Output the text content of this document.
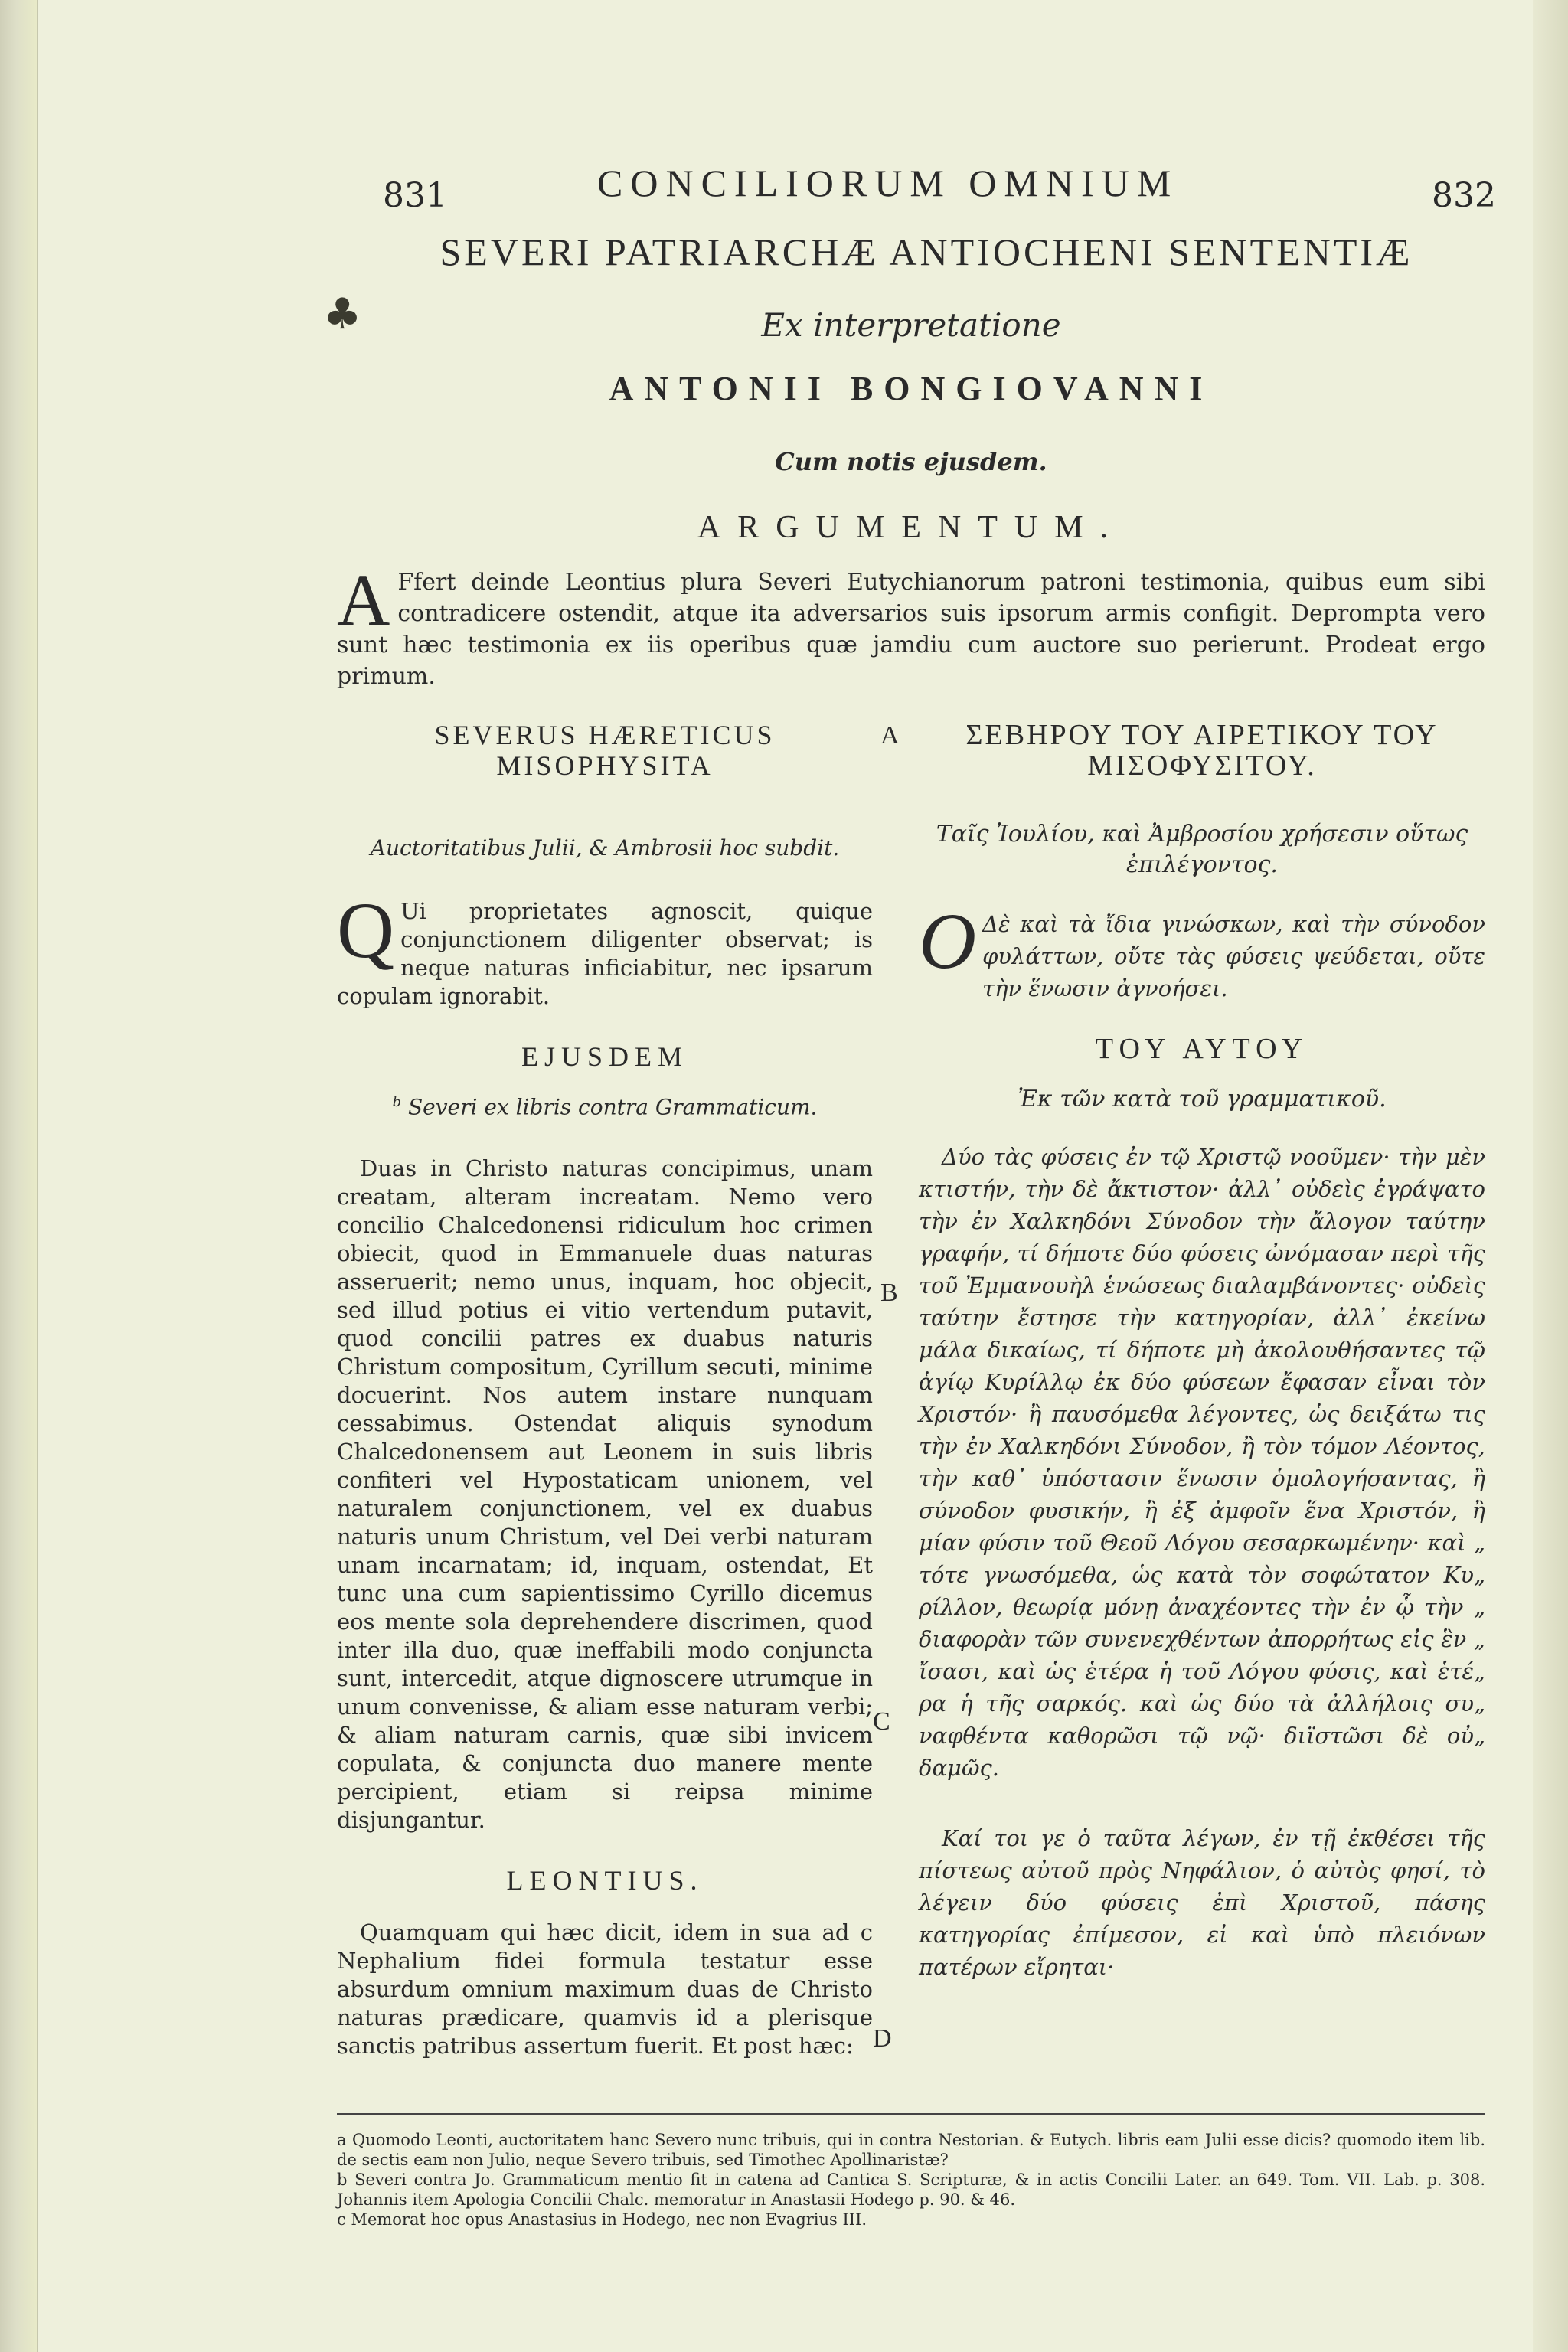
831	CONCILIORUM OMNIUM	832
SEVERI PATRIARCHÆ ANTIOCHENI SENTENTIÆ
♣	Ex interpretatione
ANTONII BONGIOVANNI
Cum notis ejusdem.
ARGUMENTUM.
A Ffert deinde Leontius plura Severi Eutychianorum patroni testimonia, quibus eum sibi contradicere ostendit, atque ita adversarios suis ipsorum armis configit. Deprompta vero sunt hæc testimonia ex iis operibus quæ jamdiu cum auctore suo perierunt. Prodeat ergo primum.
A
B
C
D
SEVERUS HÆRETICUS MISOPHYSITA
Auctoritatibus Julii, & Ambrosii hoc subdit.
Q Ui proprietates agnoscit, quique conjunctionem diligenter observat; is neque naturas inficiabitur, nec ipsarum copulam ignorabit.
EJUSDEM
$^b$ Severi ex libris contra Grammaticum.
Duas in Christo naturas concipimus, unam creatam, alteram increatam. Nemo vero concilio Chalcedonensi ridiculum hoc crimen obiecit, quod in Emmanuele duas naturas asseruerit; nemo unus, inquam, hoc objecit, sed illud potius ei vitio vertendum putavit, quod concilii patres ex duabus naturis Christum compositum, Cyrillum secuti, minime docuerint. Nos autem instare nunquam cessabimus. Ostendat aliquis synodum Chalcedonensem aut Leonem in suis libris confiteri vel Hypostaticam unionem, vel naturalem conjunctionem, vel ex duabus naturis unum Christum, vel Dei verbi naturam unam incarnatam; id, inquam, ostendat, Et tunc una cum sapientissimo Cyrillo dicemus eos mente sola deprehendere discrimen, quod inter illa duo, quæ ineffabili modo conjuncta sunt, intercedit, atque dignoscere utrumque in unum convenisse, & aliam esse naturam verbi; & aliam naturam carnis, quæ sibi invicem copulata, & conjuncta duo manere mente percipient, etiam si reipsa minime disjungantur.
LEONTIUS.
Quamquam qui hæc dicit, idem in sua ad c Nephalium fidei formula testatur esse absurdum omnium maximum duas de Christo naturas prædicare, quamvis id a plerisque sanctis patribus assertum fuerit. Et post hæc:
ΣΕΒΗΡΟΥ ΤΟΥ ΑΙΡΕΤΙΚΟΥ ΤΟΥ ΜΙΣΟΦΥΣΙΤΟΥ.
Ταῖς Ἰουλίου, καὶ Ἀμβροσίου χρήσεσιν οὕτως ἐπιλέγοντος.
Ο Δὲ καὶ τὰ ἴδια γινώσκων, καὶ τὴν σύνοδον φυλάττων, οὔτε τὰς φύσεις ψεύδεται, οὔτε τὴν ἕνωσιν ἀγνοήσει.
ΤΟΥ ΑΥΤΟΥ
Ἐκ τῶν κατὰ τοῦ γραμματικοῦ.
Δύο τὰς φύσεις ἐν τῷ Χριστῷ νοοῦμεν· τὴν μὲν κτιστήν, τὴν δὲ ἄκτιστον· ἀλλ᾽ οὐδεὶς ἐγράψατο τὴν ἐν Χαλκηδόνι Σύνοδον τὴν ἄλογον ταύτην γραφήν, τί δήποτε δύο φύσεις ὠνόμασαν περὶ τῆς τοῦ Ἐμμανουὴλ ἑνώσεως διαλαμβάνοντες· οὐδεὶς ταύτην ἔστησε τὴν κατηγορίαν, ἀλλ᾽ ἐκείνω μάλα δικαίως, τί δήποτε μὴ ἀκολουθήσαντες τῷ ἁγίῳ Κυρίλλῳ ἐκ δύο φύσεων ἔφασαν εἶναι τὸν Χριστόν· ἢ παυσόμεθα λέγοντες, ὡς δειξάτω τις τὴν ἐν Χαλκηδόνι Σύνοδον, ἢ τὸν τόμον Λέοντος, τὴν καθ᾽ ὑπόστασιν ἕνωσιν ὁμολογήσαντας, ἢ σύνοδον φυσικήν, ἢ ἐξ ἀμφοῖν ἕνα Χριστόν, ἢ μίαν φύσιν τοῦ Θεοῦ Λόγου σεσαρκωμένην· καὶ „ τότε γνωσόμεθα, ὡς κατὰ τὸν σοφώτατον Κυ„ ρίλλον, θεωρίᾳ μόνῃ ἀναχέοντες τὴν ἐν ᾧ τὴν „ διαφορὰν τῶν συνενεχθέντων ἀπορρήτως εἰς ἓν „ ἴσασι, καὶ ὡς ἑτέρα ἡ τοῦ Λόγου φύσις, καὶ ἑτέ„ ρα ἡ τῆς σαρκός. καὶ ὡς δύο τὰ ἀλλήλοις συ„ ναφθέντα καθορῶσι τῷ νῷ· διϊστῶσι δὲ οὐ„ δαμῶς.
Καί τοι γε ὁ ταῦτα λέγων, ἐν τῇ ἐκθέσει τῆς πίστεως αὐτοῦ πρὸς Νηφάλιον, ὁ αὐτὸς φησί, τὸ λέγειν δύο φύσεις ἐπὶ Χριστοῦ, πάσης κατηγορίας ἐπίμεσον, εἰ καὶ ὑπὸ πλειόνων πατέρων εἴρηται·

a Quomodo Leonti, auctoritatem hanc Severo nunc tribuis, qui in contra Nestorian. & Eutych. libris eam Julii esse dicis? quomodo item lib. de sectis eam non Julio, neque Severo tribuis, sed Timothec Apollinaristæ?

b Severi contra Jo. Grammaticum mentio fit in catena ad Cantica S. Scripturæ, & in actis Concilii Later. an 649. Tom. VII. Lab. p. 308. Johannis item Apologia Concilii Chalc. memoratur in Anastasii Hodego p. 90. & 46.

c Memorat hoc opus Anastasius in Hodego, nec non Evagrius III.
